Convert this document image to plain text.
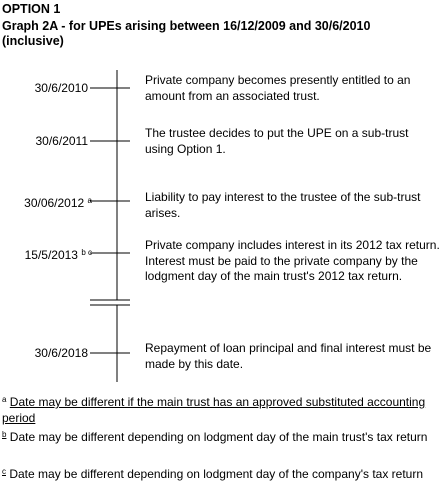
OPTION 1
Graph 2A - for UPEs arising between 16/12/2009 and 30/6/2010
(inclusive)
30/6/2010
Private company becomes presently entitled to an amount from an associated trust.
30/6/2011
The trustee decides to put the UPE on a sub-trust using Option 1.
30/06/2012 $^a$	Liability to pay interest to the trustee of the sub-trust arises.
15/5/2013 $^{b c}$
Private company includes interest in its 2012 tax return. Interest must be paid to the private company by the lodgment day of the main trust's 2012 tax return.
30/6/2018	Repayment of loan principal and final interest must be made by this date.
$^a$ Date may be different if the main trust has an approved substituted accounting period
$^b$ Date may be different depending on lodgment day of the main trust's tax return
$^c$ Date may be different depending on lodgment day of the company's tax return
